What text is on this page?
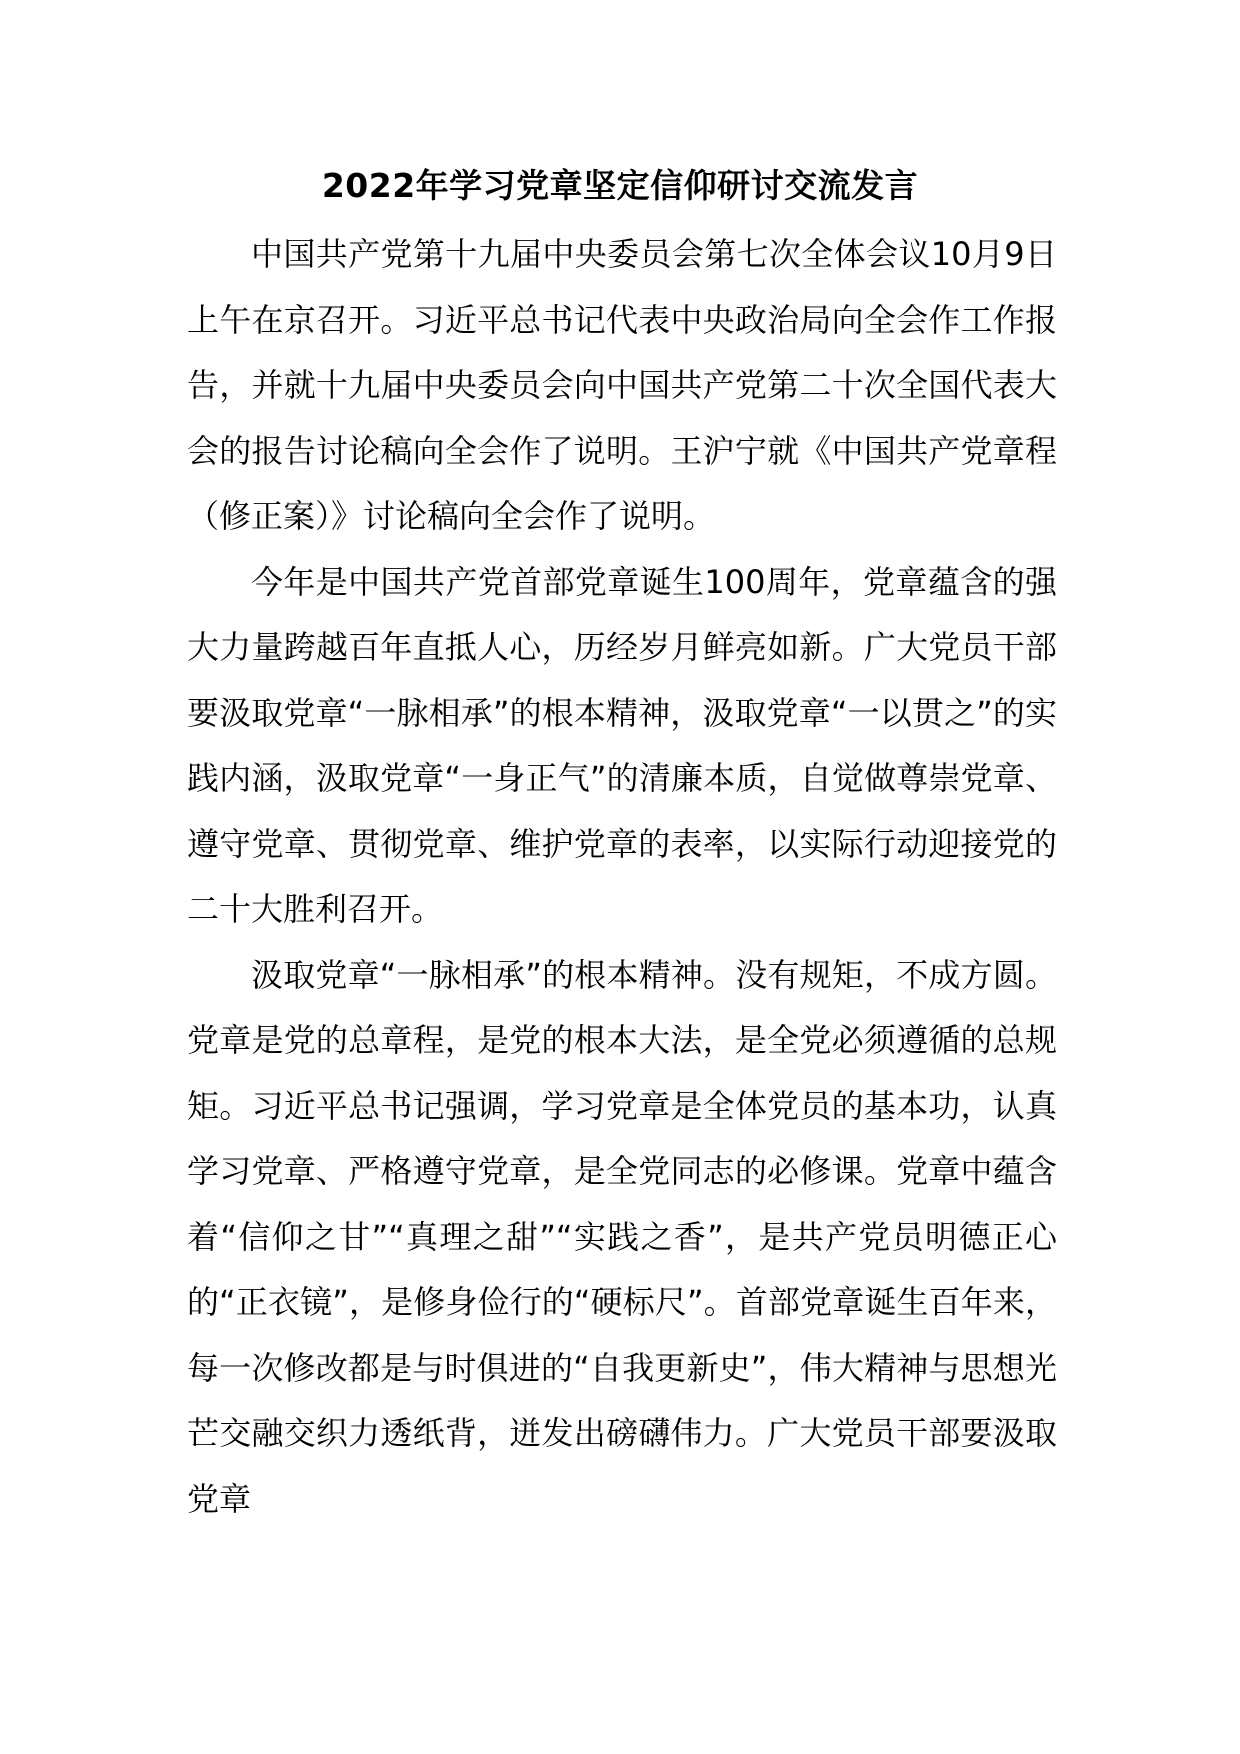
2022年学习党章坚定信仰研讨交流发言

中国共产党第十九届中央委员会第七次全体会议10月9日上午在京召开。习近平总书记代表中央政治局向全会作工作报告，并就十九届中央委员会向中国共产党第二十次全国代表大会的报告讨论稿向全会作了说明。王沪宁就《中国共产党章程（修正案）》讨论稿向全会作了说明。

今年是中国共产党首部党章诞生100周年，党章蕴含的强大力量跨越百年直抵人心，历经岁月鲜亮如新。广大党员干部要汲取党章“一脉相承”的根本精神，汲取党章“一以贯之”的实践内涵，汲取党章“一身正气”的清廉本质，自觉做尊崇党章、遵守党章、贯彻党章、维护党章的表率，以实际行动迎接党的二十大胜利召开。

汲取党章“一脉相承”的根本精神。没有规矩，不成方圆。党章是党的总章程，是党的根本大法，是全党必须遵循的总规矩。习近平总书记强调，学习党章是全体党员的基本功，认真学习党章、严格遵守党章，是全党同志的必修课。党章中蕴含着“信仰之甘”“真理之甜”“实践之香”，是共产党员明德正心的“正衣镜”，是修身俭行的“硬标尺”。首部党章诞生百年来，每一次修改都是与时俱进的“自我更新史”，伟大精神与思想光芒交融交织力透纸背，迸发出磅礴伟力。广大党员干部要汲取党章
